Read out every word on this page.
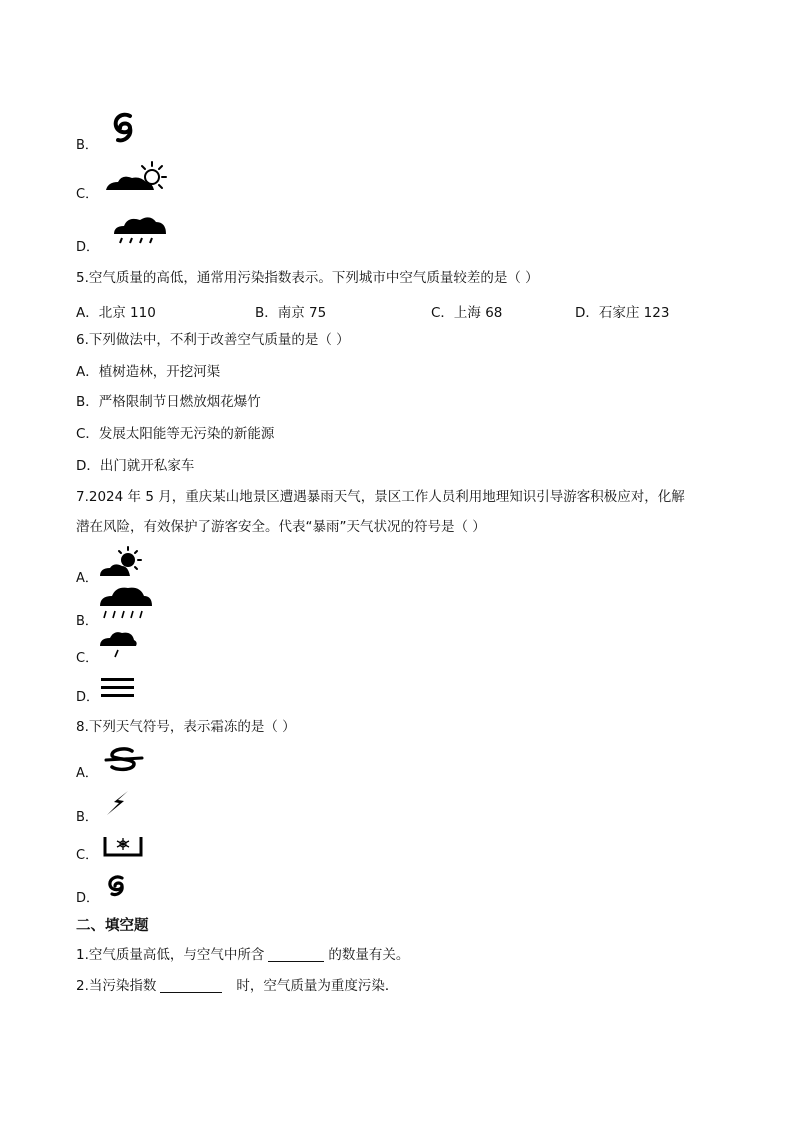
B．
C．
D．
5.空气质量的高低，通常用污染指数表示。下列城市中空气质量较差的是（ ）
A．北京 110	B．南京 75	C．上海 68	D．石家庄 123
6.下列做法中，不利于改善空气质量的是（ ）
A．植树造林，开挖河渠
B．严格限制节日燃放烟花爆竹
C．发展太阳能等无污染的新能源
D．出门就开私家车
7.2024 年 5 月，重庆某山地景区遭遇暴雨天气，景区工作人员利用地理知识引导游客积极应对，化解
潜在风险，有效保护了游客安全。代表“暴雨”天气状况的符号是（ ）
A．
B．
C．
D．
8.下列天气符号，表示霜冻的是（ ）
A．
B．
C．
D．
二、填空题
1.空气质量高低，与空气中所含	的数量有关。
2.当污染指数	时，空气质量为重度污染．
